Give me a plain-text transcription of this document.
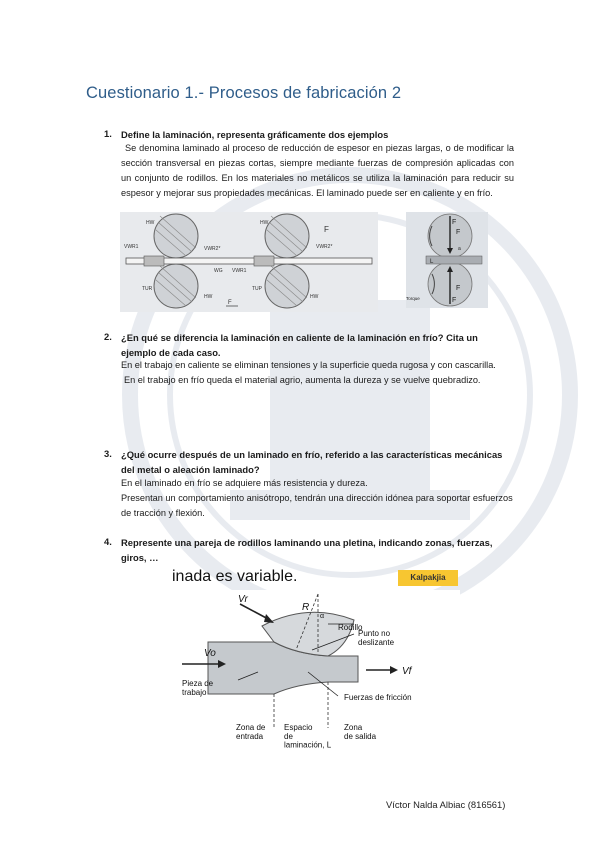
Cuestionario 1.- Procesos de fabricación 2
1. Define la laminación, representa gráficamente dos ejemplos

Se denomina laminado al proceso de reducción de espesor en piezas largas, o de modificar la sección transversal en piezas cortas, siempre mediante fuerzas de compresión aplicadas con un conjunto de rodillos. En los materiales no metálicos se utiliza la laminación para reducir su espesor y mejorar sus propiedades mecánicas. El laminado puede ser en caliente y en frío.

HW
VWR1	VWR2*
WG VWR1
HW
VWR2*
F
TUR
HW
TUP
HW
F
F
F
L
F
F
a
Torque
2. ¿En qué se diferencia la laminación en caliente de la laminación en frío? Cita un ejemplo de cada caso.

En el trabajo en caliente se eliminan tensiones y la superficie queda rugosa y con cascarilla.

En el trabajo en frío queda el material agrio, aumenta la dureza y se vuelve quebradizo.

3. ¿Qué ocurre después de un laminado en frío, referido a las características mecánicas del metal o aleación laminado?

En el laminado en frío se adquiere más resistencia y dureza.

Presentan un comportamiento anisótropo, tendrán una dirección idónea para soportar esfuerzos de tracción y flexión.

4. Represente una pareja de rodillos laminando una pletina, indicando zonas, fuerzas, giros, …
inada es variable.	Kalpakjia
Vr
R
α
Rodillo
Punto no deslizante
Vo
Vf
Pieza de trabajo
Fuerzas de fricción
Zona de entrada
Espacio de laminación, L
Zona de salida
Víctor Nalda Albiac (816561)
